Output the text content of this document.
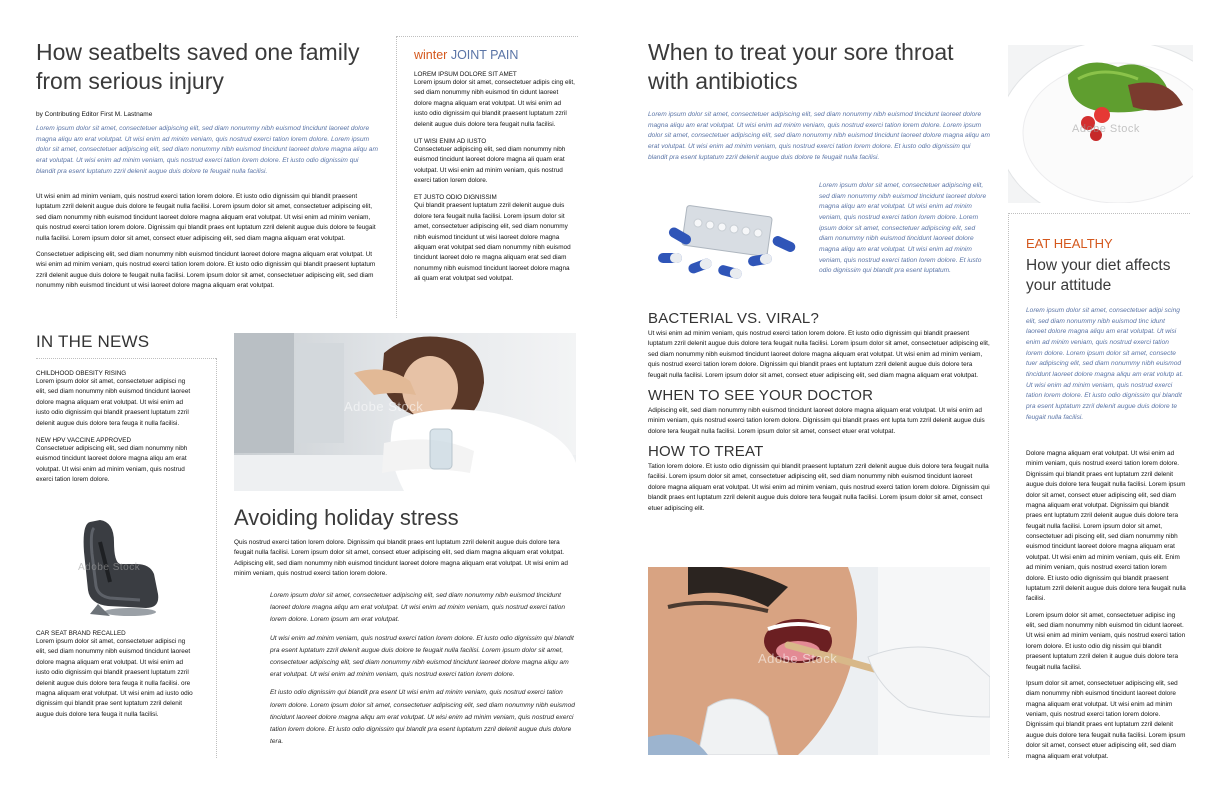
How seatbelts saved one family from serious injury
by Contributing Editor First M. Lastname
Lorem ipsum dolor sit amet, consectetuer adipiscing elit, sed diam nonummy nibh euismod tincidunt laoreet dolore magna aliqu am erat volutpat. Ut wisi enim ad minim veniam, quis nostrud exerci tation lorem dolore. Lorem ipsum dolor sit amet, consectetuer adipiscing elit, sed diam nonummy nibh euismod tincidunt laoreet dolore magna aliqu am erat volutpat. Ut wisi enim ad minim veniam, quis nostrud exerci tation lorem dolore. Et iusto odio dignissim qui blandit pra esent luptatum zzril delenit augue duis dolore te feugait nulla facilisi.

Ut wisi enim ad minim veniam, quis nostrud exerci tation lorem dolore. Et iusto odio dignissim qui blandit praesent luptatum zzril delenit augue duis dolore te feugait nulla facilisi. Lorem ipsum dolor sit amet, consectetuer adipiscing elit, sed diam nonummy nibh euismod tincidunt laoreet dolore magna aliquam erat volutpat. Ut wisi enim ad minim veniam, quis nostrud exerci tation lorem dolore. Dignissim qui blandit praes ent luptatum zzril delenit augue duis dolore te feugait nulla facilisi. Lorem ipsum dolor sit amet, consect etuer adipiscing elit, sed diam magna aliquam erat volutpat.

Consectetuer adipiscing elit, sed diam nonummy nibh euismod tincidunt laoreet dolore magna aliquam erat volutpat. Ut wisi enim ad minim veniam, quis nostrud exerci tation lorem dolore. Et iusto odio dignissim qui blandit praesent luptatum zzril delenit augue duis dolore te feugait nulla facilisi. Lorem ipsum dolor sit amet, consectetuer adipiscing elit, sed diam nonummy nibh euismod tincidunt ut wisi laoreet dolore magna aliquam erat volutpat.

winter JOINT PAIN
LOREM IPSUM DOLORE SIT AMET
Lorem ipsum dolor sit amet, consectetuer adipis cing elit, sed diam nonummy nibh euismod tin cidunt laoreet dolore magna aliquam erat volutpat. Ut wisi enim ad iusto odio dignissim qui blandit praesent luptatum zzril delenit augue duis dolore tera feugait nulla facilisi.
UT WISI ENIM AD IUSTO
Consectetuer adipiscing elit, sed diam nonummy nibh euismod tincidunt laoreet dolore magna ali quam erat volutpat. Ut wisi enim ad minim veniam, quis nostrud exerci tation lorem dolore.
ET JUSTO ODIO DIGNISSIM
Qui blandit praesent luptatum zzril delenit augue duis dolore tera feugait nulla facilisi. Lorem ipsum dolor sit amet, consectetuer adipiscing elit, sed diam nonummy nibh euismod tincidunt ut wisi laoreet dolore magna aliquam erat volutpat sed diam nonummy nibh euismod tincidunt laoreet dolo re magna aliquam erat sed diam nonummy nibh euismod tincidunt laoreet dolore magna ali quam erat volutpat sed volutpat.
IN THE NEWS
CHILDHOOD OBESITY RISING
Lorem ipsum dolor sit amet, consectetuer adipisci ng elit, sed diam nonummy nibh euismod tincidunt laoreet dolore magna aliquam erat volutpat. Ut wisi enim ad iusto odio dignissim qui blandit praesent luptatum zzril delenit augue duis dolore tera feuga it nulla facilisi.
NEW HPV VACCINE APPROVED
Consectetuer adipiscing elit, sed diam nonummy nibh euismod tincidunt laoreet dolore magna aliqu am erat volutpat. Ut wisi enim ad minim veniam, quis nostrud exerci tation lorem dolore.
Adobe Stock
CAR SEAT BRAND RECALLED
Lorem ipsum dolor sit amet, consectetuer adipisci ng elit, sed diam nonummy nibh euismod tincidunt laoreet dolore magna aliquam erat volutpat. Ut wisi enim ad iusto odio dignissim qui blandit praesent luptatum zzril delenit augue duis dolore tera feuga it nulla facilisi. ore magna aliquam erat volutpat. Ut wisi enim ad iusto odio dignissim qui blandit prae sent luptatum zzril delenit augue duis dolore tera feuga it nulla facilisi.
Adobe Stock
Avoiding holiday stress
Quis nostrud exerci tation lorem dolore. Dignissim qui blandit praes ent luptatum zzril delenit augue duis dolore tera feugait nulla facilisi. Lorem ipsum dolor sit amet, consect etuer adipiscing elit, sed diam magna aliquam erat volutpat. Adipiscing elit, sed diam nonummy nibh euismod tincidunt laoreet dolore magna aliquam erat volutpat. Ut wisi enim ad minim veniam, quis nostrud exerci tation lorem dolore.

Lorem ipsum dolor sit amet, consectetuer adipiscing elit, sed diam nonummy nibh euismod tincidunt laoreet dolore magna aliqu am erat volutpat. Ut wisi enim ad minim veniam, quis nostrud exerci tation lorem dolore. Lorem ipsum am erat volutpat.

Ut wisi enim ad minim veniam, quis nostrud exerci tation lorem dolore. Et iusto odio dignissim qui blandit pra esent luptatum zzril delenit augue duis dolore te feugait nulla facilisi. Lorem ipsum dolor sit amet, consectetuer adipiscing elit, sed diam nonummy nibh euismod tincidunt laoreet dolore magna aliqu am erat volutpat. Ut wisi enim ad minim veniam, quis nostrud exerci tation lorem dolore.

Et iusto odio dignissim qui blandit pra esent Ut wisi enim ad minim veniam, quis nostrud exerci tation lorem dolore. Lorem ipsum dolor sit amet, consectetuer adipiscing elit, sed diam nonummy nibh euismod tincidunt laoreet dolore magna aliqu am erat volutpat. Ut wisi enim ad minim veniam, quis nostrud exerci tation lorem dolore. Et iusto odio dignissim qui blandit pra esent luptatum zzril delenit augue duis dolore tera.

When to treat your sore throat with antibiotics
Lorem ipsum dolor sit amet, consectetuer adipiscing elit, sed diam nonummy nibh euismod tincidunt laoreet dolore magna aliqu am erat volutpat. Ut wisi enim ad minim veniam, quis nostrud exerci tation lorem dolore. Lorem ipsum dolor sit amet, consectetuer adipiscing elit, sed diam nonummy nibh euismod tincidunt laoreet dolore magna aliqu am erat volutpat. Ut wisi enim ad minim veniam, quis nostrud exerci tation lorem dolore. Et iusto odio dignissim qui blandit pra esent luptatum zzril delenit augue duis dolore te feugait nulla facilisi.
Lorem ipsum dolor sit amet, consectetuer adipiscing elit, sed diam nonummy nibh euismod tincidunt laoreet dolore magna aliqu am erat volutpat. Ut wisi enim ad minim veniam, quis nostrud exerci tation lorem dolore. Lorem ipsum dolor sit amet, consectetuer adipiscing elit, sed diam nonummy nibh euismod tincidunt laoreet dolore magna aliqu am erat volutpat. Ut wisi enim ad minim veniam, quis nostrud exerci tation lorem dolore. Et iusto odio dignissim qui blandit pra esent luptatum.
BACTERIAL VS. VIRAL?
Ut wisi enim ad minim veniam, quis nostrud exerci tation lorem dolore. Et iusto odio dignissim qui blandit praesent luptatum zzril delenit augue duis dolore tera feugait nulla facilisi. Lorem ipsum dolor sit amet, consectetuer adipiscing elit, sed diam nonummy nibh euismod tincidunt laoreet dolore magna aliquam erat volutpat. Ut wisi enim ad minim veniam, quis nostrud exerci tation lorem dolore. Dignissim qui blandit praes ent luptatum zzril delenit augue duis dolore tera feugait nulla facilisi. Lorem ipsum dolor sit amet, consect etuer adipiscing elit, sed diam magna aliquam erat volutpat.
WHEN TO SEE YOUR DOCTOR
Adipiscing elit, sed diam nonummy nibh euismod tincidunt laoreet dolore magna aliquam erat volutpat. Ut wisi enim ad minim veniam, quis nostrud exerci tation lorem dolore. Dignissim qui blandit praes ent lupta tum zzril delenit augue duis dolore tera feugait nulla facilisi. Lorem ipsum dolor sit amet, consect etuer erat volutpat.
HOW TO TREAT
Tation lorem dolore. Et iusto odio dignissim qui blandit praesent luptatum zzril delenit augue duis dolore tera feugait nulla facilisi. Lorem ipsum dolor sit amet, consectetuer adipiscing elit, sed diam nonummy nibh euismod tincidunt laoreet dolore magna aliquam erat volutpat. Ut wisi enim ad minim veniam, quis nostrud exerci tation lorem dolore. Dignissim qui blandit praes ent luptatum zzril delenit augue duis dolore tera feugait nulla facilisi. Lorem ipsum dolor sit amet, consect etuer adipiscing elit.
Adobe Stock
Adobe Stock
EAT HEALTHY
How your diet affects your attitude
Lorem ipsum dolor sit amet, consectetuer adipi scing elit, sed diam nonummy nibh euismod tinc idunt laoreet dolore magna aliqu am erat volutpat. Ut wisi enim ad minim veniam, quis nostrud exerci tation lorem dolore. Lorem ipsum dolor sit amet, consecte tuer adipiscing elit, sed diam nonummy nibh euismod tincidunt laoreet dolore magna aliqu am erat volutp at. Ut wisi enim ad minim veniam, quis nostrud exerci tation lorem dolore. Et iusto odio dignissim qui blandit pra esent luptatum zzril delenit augue duis dolore te feugait nulla facilisi.

Dolore magna aliquam erat volutpat. Ut wisi enim ad minim veniam, quis nostrud exerci tation lorem dolore. Dignissim qui blandit praes ent luptatum zzril delenit augue duis dolore tera feugait nulla facilisi. Lorem ipsum dolor sit amet, consect etuer adipiscing elit, sed diam magna aliquam erat volutpat. Dignissim qui blandit praes ent luptatum zzril delenit augue duis dolore tera feugait nulla facilisi. Lorem ipsum dolor sit amet, consectetuer adi piscing elit, sed diam nonummy nibh euismod tincidunt laoreet dolore magna aliquam erat volutpat. Ut wisi enim ad minim veniam, quis elit. Enim ad minim veniam, quis nostrud exerci tation lorem dolore. Et iusto odio dignissim qui blandit praesent luptatum zzril delenit augue duis dolore tera feugait nulla facilisi.

Lorem ipsum dolor sit amet, consectetuer adipisc ing elit, sed diam nonummy nibh euismod tin cidunt laoreet. Ut wisi enim ad minim veniam, quis nostrud exerci tation lorem dolore. Et iusto odio dig nissim qui blandit praesent luptatum zzril delen it augue duis dolore tera feugait nulla facilisi.

Ipsum dolor sit amet, consectetuer adipiscing elit, sed diam nonummy nibh euismod tincidunt laoreet dolore magna aliquam erat volutpat. Ut wisi enim ad minim veniam, quis nostrud exerci tation lorem dolore. Dignissim qui blandit praes ent luptatum zzril delenit augue duis dolore tera feugait nulla facilisi. Lorem ipsum dolor sit amet, consect etuer adipiscing elit, sed diam magna aliquam erat volutpat.
